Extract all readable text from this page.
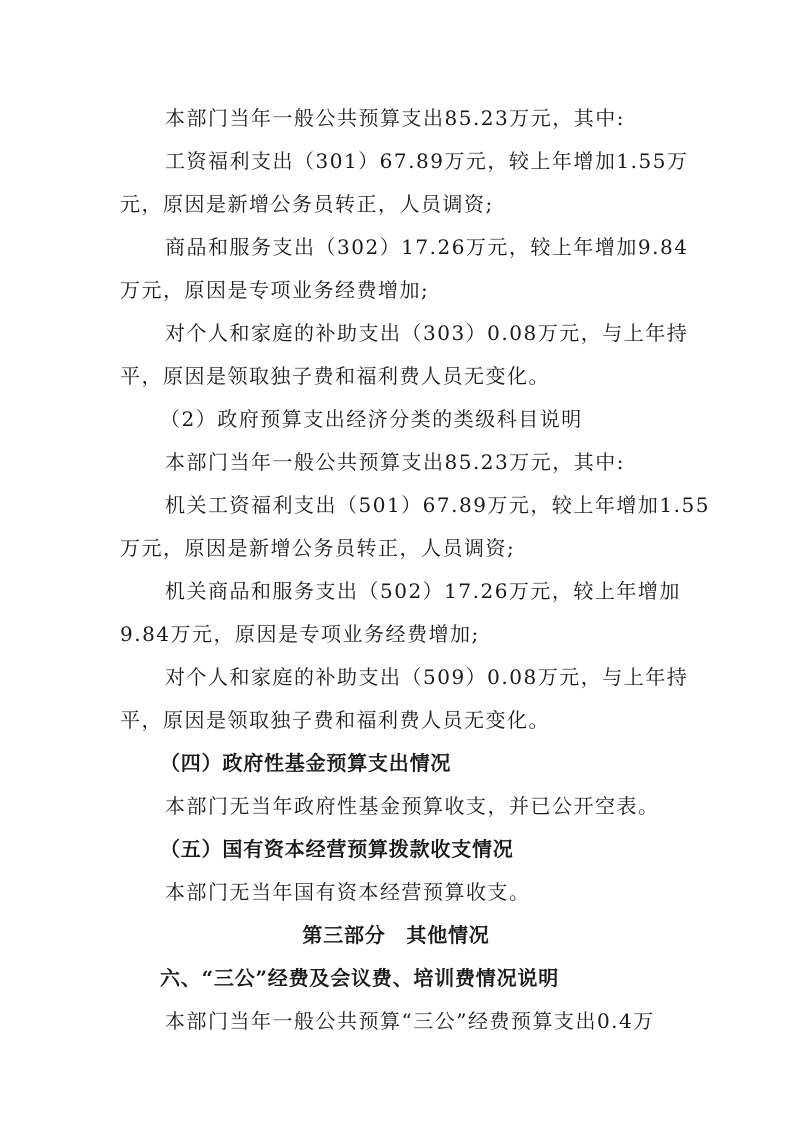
本部门当年一般公共预算支出85.23万元，其中:
工资福利支出（301）67.89万元，较上年增加1.55万
元，原因是新增公务员转正，人员调资;
商品和服务支出（302）17.26万元，较上年增加9.84
万元，原因是专项业务经费增加;
对个人和家庭的补助支出（303）0.08万元，与上年持
平，原因是领取独子费和福利费人员无变化。
（2）政府预算支出经济分类的类级科目说明
本部门当年一般公共预算支出85.23万元，其中:
机关工资福利支出（501）67.89万元，较上年增加1.55
万元，原因是新增公务员转正，人员调资;
机关商品和服务支出（502）17.26万元，较上年增加
9.84万元，原因是专项业务经费增加;
对个人和家庭的补助支出（509）0.08万元，与上年持
平，原因是领取独子费和福利费人员无变化。
（四）政府性基金预算支出情况
本部门无当年政府性基金预算收支，并已公开空表。
（五）国有资本经营预算拨款收支情况
本部门无当年国有资本经营预算收支。
第三部分　其他情况
六、“三公”经费及会议费、培训费情况说明
本部门当年一般公共预算“三公”经费预算支出0.4万
